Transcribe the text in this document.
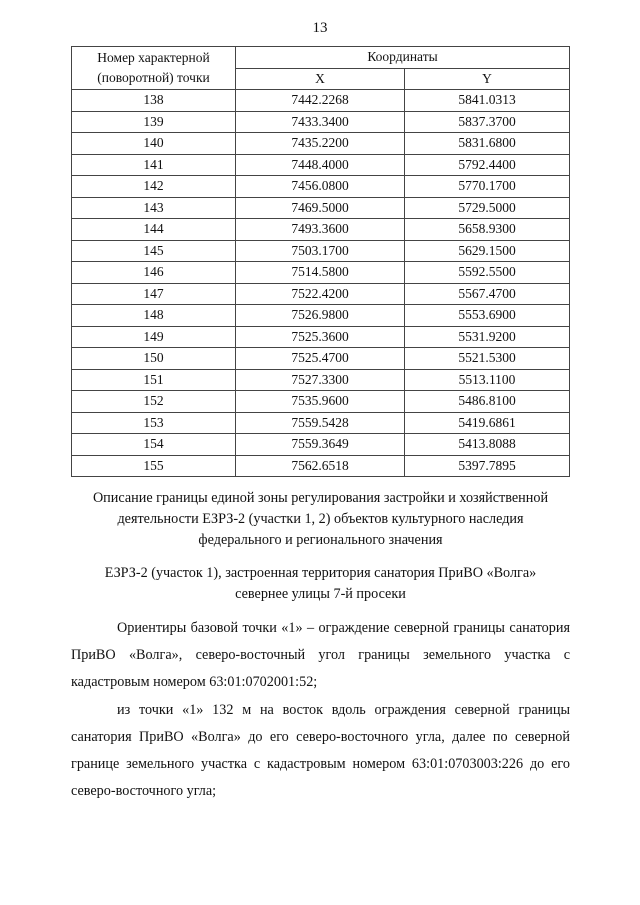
13
Номер характерной
(поворотной) точки	Координаты	
	X	Y
138	7442.2268	5841.0313
139	7433.3400	5837.3700
140	7435.2200	5831.6800
141	7448.4000	5792.4400
142	7456.0800	5770.1700
143	7469.5000	5729.5000
144	7493.3600	5658.9300
145	7503.1700	5629.1500
146	7514.5800	5592.5500
147	7522.4200	5567.4700
148	7526.9800	5553.6900
149	7525.3600	5531.9200
150	7525.4700	5521.5300
151	7527.3300	5513.1100
152	7535.9600	5486.8100
153	7559.5428	5419.6861
154	7559.3649	5413.8088
155	7562.6518	5397.7895
Описание границы единой зоны регулирования застройки и хозяйственной
деятельности ЕЗРЗ-2 (участки 1, 2) объектов культурного наследия
федерального и регионального значения
ЕЗРЗ-2 (участок 1), застроенная территория санатория ПриВО «Волга»
севернее улицы 7-й просеки

Ориентиры базовой точки «1» – ограждение северной границы санатория ПриВО «Волга», северо-восточный угол границы земельного участка с кадастровым номером 63:01:0702001:52;

из точки «1» 132 м на восток вдоль ограждения северной границы санатория ПриВО «Волга» до его северо-восточного угла, далее по северной границе земельного участка с кадастровым номером 63:01:0703003:226 до его северо-восточного угла;
